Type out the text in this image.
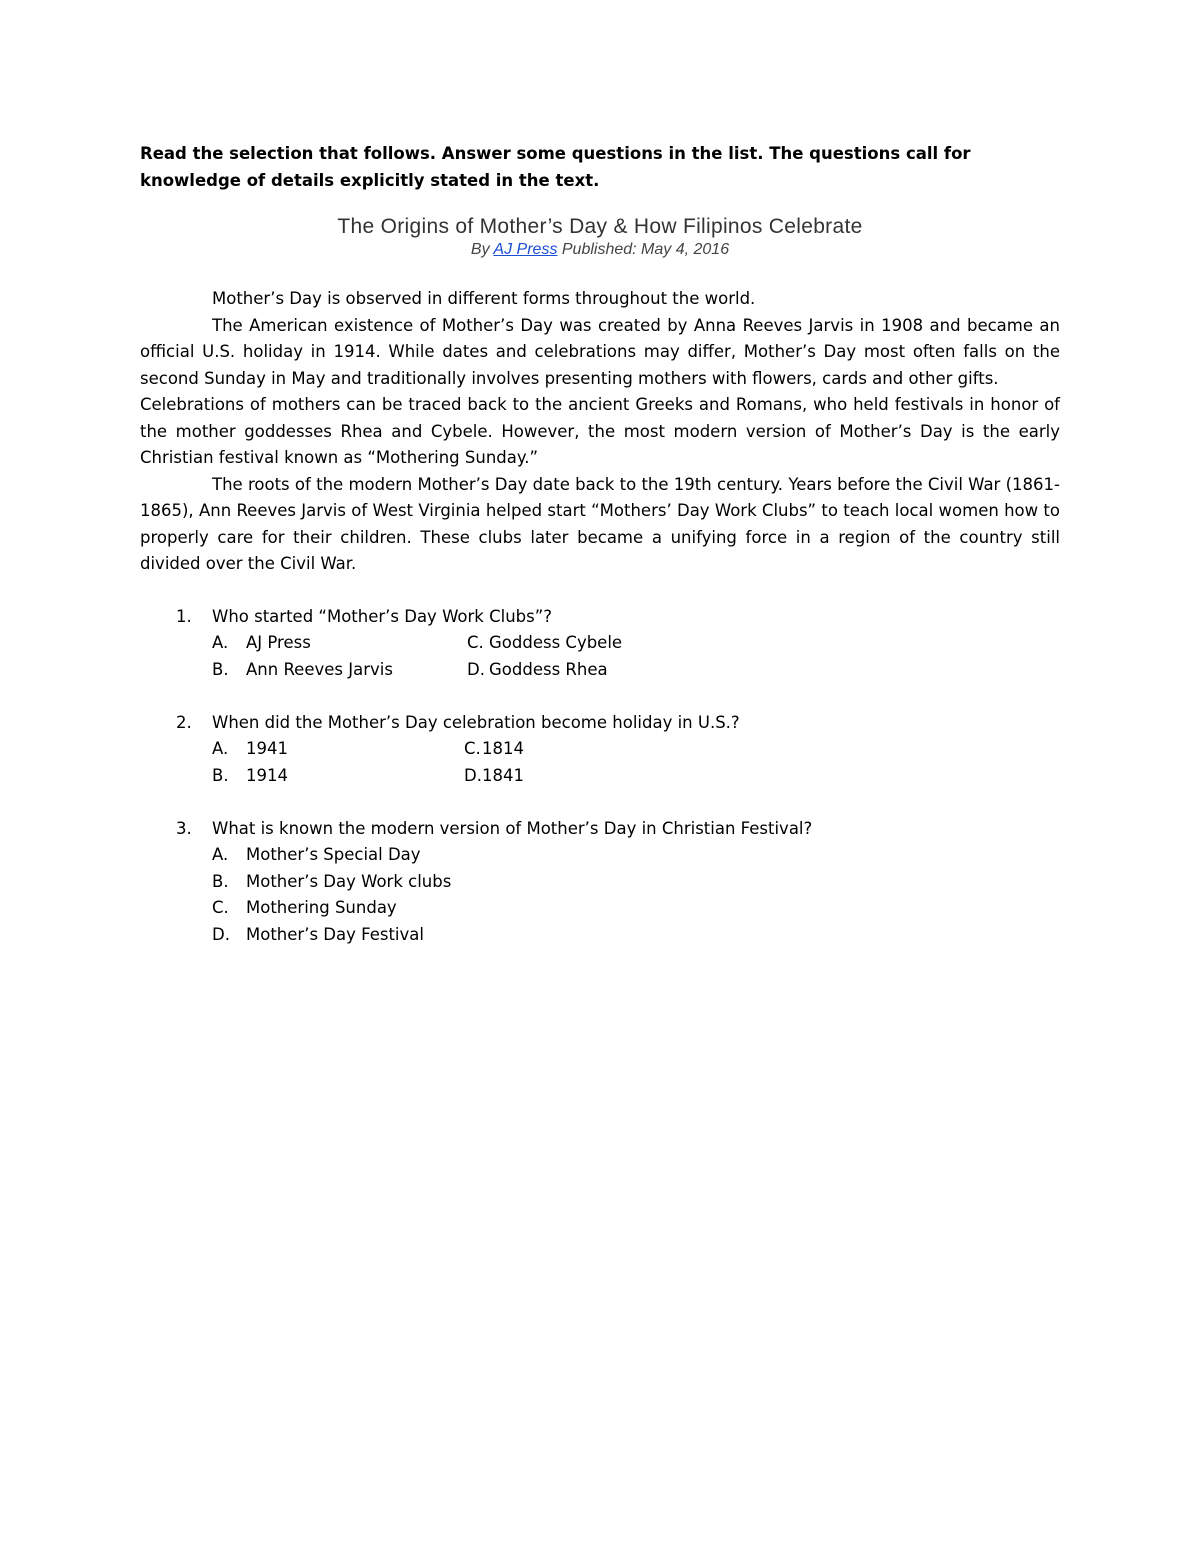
Read the selection that follows. Answer some questions in the list. The questions call for knowledge of details explicitly stated in the text.

The Origins of Mother’s Day & How Filipinos Celebrate
By AJ Press Published: May 4, 2016

Mother’s Day is observed in different forms throughout the world.

The American existence of Mother’s Day was created by Anna Reeves Jarvis in 1908 and became an official U.S. holiday in 1914. While dates and celebrations may differ, Mother’s Day most often falls on the second Sunday in May and traditionally involves presenting mothers with flowers, cards and other gifts.

Celebrations of mothers can be traced back to the ancient Greeks and Romans, who held festivals in honor of the mother goddesses Rhea and Cybele. However, the most modern version of Mother’s Day is the early Christian festival known as “Mothering Sunday.”

The roots of the modern Mother’s Day date back to the 19th century. Years before the Civil War (1861-1865), Ann Reeves Jarvis of West Virginia helped start “Mothers’ Day Work Clubs” to teach local women how to properly care for their children. These clubs later became a unifying force in a region of the country still divided over the Civil War.

1.	Who started “Mother’s Day Work Clubs”?
A.	AJ Press	C. Goddess Cybele
B.	Ann Reeves Jarvis	D. Goddess Rhea
2.	When did the Mother’s Day celebration become holiday in U.S.?
A.	1941	C. 1814
B.	1914	D. 1841
3.	What is known the modern version of Mother’s Day in Christian Festival?
A.	Mother’s Special Day
B.	Mother’s Day Work clubs
C.	Mothering Sunday
D. Mother’s Day Festival
